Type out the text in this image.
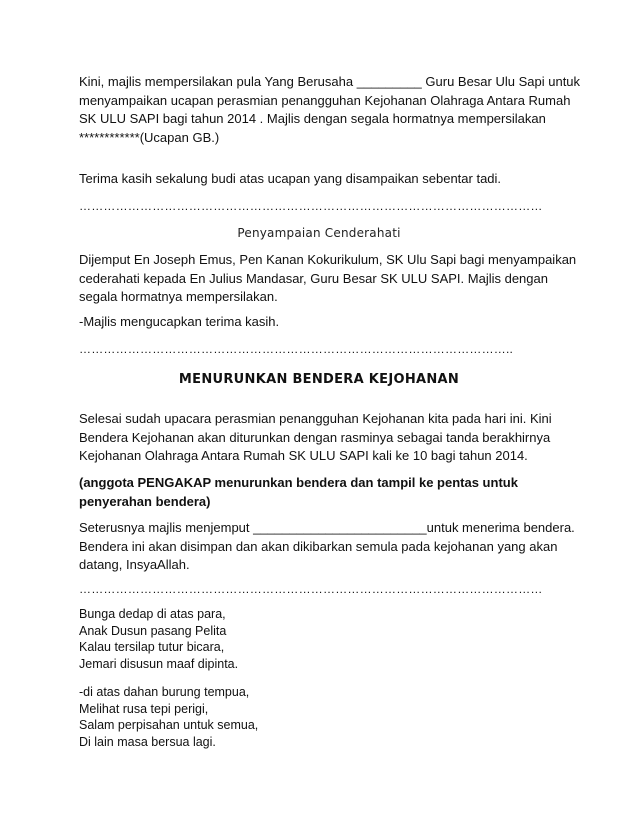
Kini, majlis mempersilakan pula Yang Berusaha _________ Guru Besar Ulu Sapi untuk
menyampaikan ucapan perasmian penangguhan Kejohanan Olahraga Antara Rumah
SK ULU SAPI bagi tahun 2014 . Majlis dengan segala hormatnya mempersilakan
************(Ucapan GB.)
Terima kasih sekalung budi atas ucapan yang disampaikan sebentar tadi.
……………………………………………………………………………………………………
Penyampaian Cenderahati
Dijemput En Joseph Emus, Pen Kanan Kokurikulum, SK Ulu Sapi bagi menyampaikan
cederahati kepada En Julius Mandasar, Guru Besar SK ULU SAPI. Majlis dengan
segala hormatnya mempersilakan.
-Majlis mengucapkan terima kasih.
……………………………………………………………………………………………..
MENURUNKAN BENDERA KEJOHANAN
Selesai sudah upacara perasmian penangguhan Kejohanan kita pada hari ini. Kini
Bendera Kejohanan akan diturunkan dengan rasminya sebagai tanda berakhirnya
Kejohanan Olahraga Antara Rumah SK ULU SAPI kali ke 10 bagi tahun 2014.
(anggota PENGAKAP menurunkan bendera dan tampil ke pentas untuk
penyerahan bendera)
Seterusnya majlis menjemput ________________________untuk menerima bendera.
Bendera ini akan disimpan dan akan dikibarkan semula pada kejohanan yang akan
datang, InsyaAllah.
……………………………………………………………………………………………………
Bunga dedap di atas para,
Anak Dusun pasang Pelita
Kalau tersilap tutur bicara,
Jemari disusun maaf dipinta.
-di atas dahan burung tempua,
Melihat rusa tepi perigi,
Salam perpisahan untuk semua,
Di lain masa bersua lagi.
